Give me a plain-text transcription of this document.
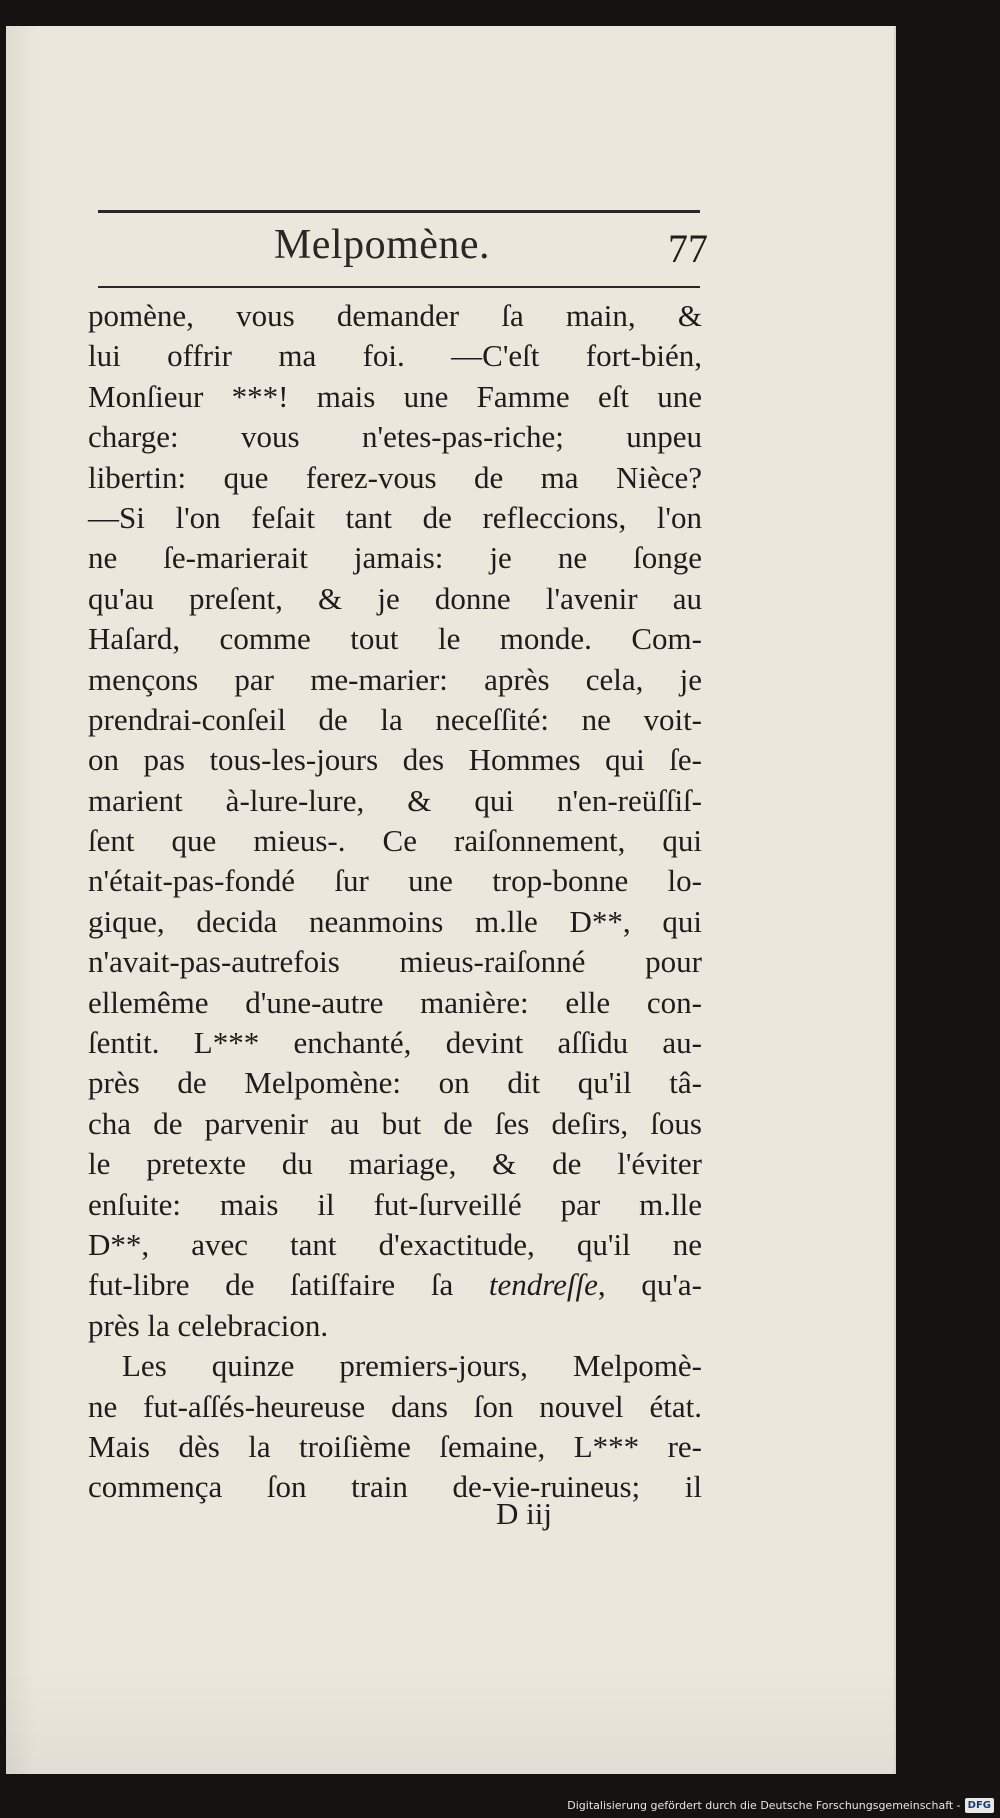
Melpomène.	77
pomène, vous demander ſa main, &
lui offrir ma foi. —C'eſt fort-bién,
Monſieur ***! mais une Famme eſt une
charge: vous n'etes-pas-riche; unpeu
libertin: que ferez-vous de ma Nièce?
—Si l'on feſait tant de refleccions, l'on
ne ſe-marierait jamais: je ne ſonge
qu'au preſent, & je donne l'avenir au
Haſard, comme tout le monde. Com-
mençons par me-marier: après cela, je
prendrai-conſeil de la neceſſité: ne voit-
on pas tous-les-jours des Hommes qui ſe-
marient à-lure-lure, & qui n'en-reüſſiſ-
ſent que mieus-. Ce raiſonnement, qui
n'était-pas-fondé ſur une trop-bonne lo-
gique, decida neanmoins m.lle D**, qui
n'avait-pas-autrefois mieus-raiſonné pour
ellemême d'une-autre manière: elle con-
ſentit. L*** enchanté, devint aſſidu au-
près de Melpomène: on dit qu'il tâ-
cha de parvenir au but de ſes deſirs, ſous
le pretexte du mariage, & de l'éviter
enſuite: mais il fut-ſurveillé par m.lle
D**, avec tant d'exactitude, qu'il ne
fut-libre de ſatiſfaire ſa tendreſſe, qu'a-
près la celebracion.
Les quinze premiers-jours, Melpomè-
ne fut-aſſés-heureuse dans ſon nouvel état.
Mais dès la troiſième ſemaine, L*** re-
commença ſon train de-vie-ruineus; il
D iij
Digitalisierung gefördert durch die Deutsche Forschungsgemeinschaft - DFG
